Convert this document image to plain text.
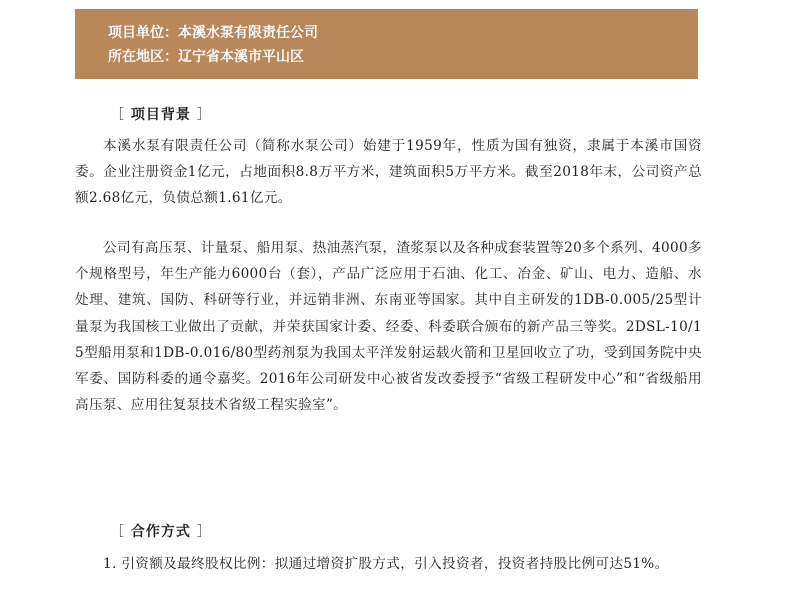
项目单位：本溪水泵有限责任公司
所在地区：辽宁省本溪市平山区
［ 项目背景 ］
本溪水泵有限责任公司（简称水泵公司）始建于1959年，性质为国有独资，隶属于本溪市国资委。企业注册资金1亿元，占地面积8.8万平方米，建筑面积5万平方米。截至2018年末，公司资产总额2.68亿元，负债总额1.61亿元。
公司有高压泵、计量泵、船用泵、热油蒸汽泵，渣浆泵以及各种成套装置等20多个系列、4000多个规格型号，年生产能力6000台（套），产品广泛应用于石油、化工、冶金、矿山、电力、造船、水处理、建筑、国防、科研等行业，并远销非洲、东南亚等国家。其中自主研发的1DB-0.005/25型计量泵为我国核工业做出了贡献，并荣获国家计委、经委、科委联合颁布的新产品三等奖。2DSL-10/15型船用泵和1DB-0.016/80型药剂泵为我国太平洋发射运载火箭和卫星回收立了功，受到国务院中央军委、国防科委的通令嘉奖。2016年公司研发中心被省发改委授予“省级工程研发中心”和“省级船用高压泵、应用往复泵技术省级工程实验室”。
［ 合作方式 ］
1. 引资额及最终股权比例：拟通过增资扩股方式，引入投资者，投资者持股比例可达51%。
